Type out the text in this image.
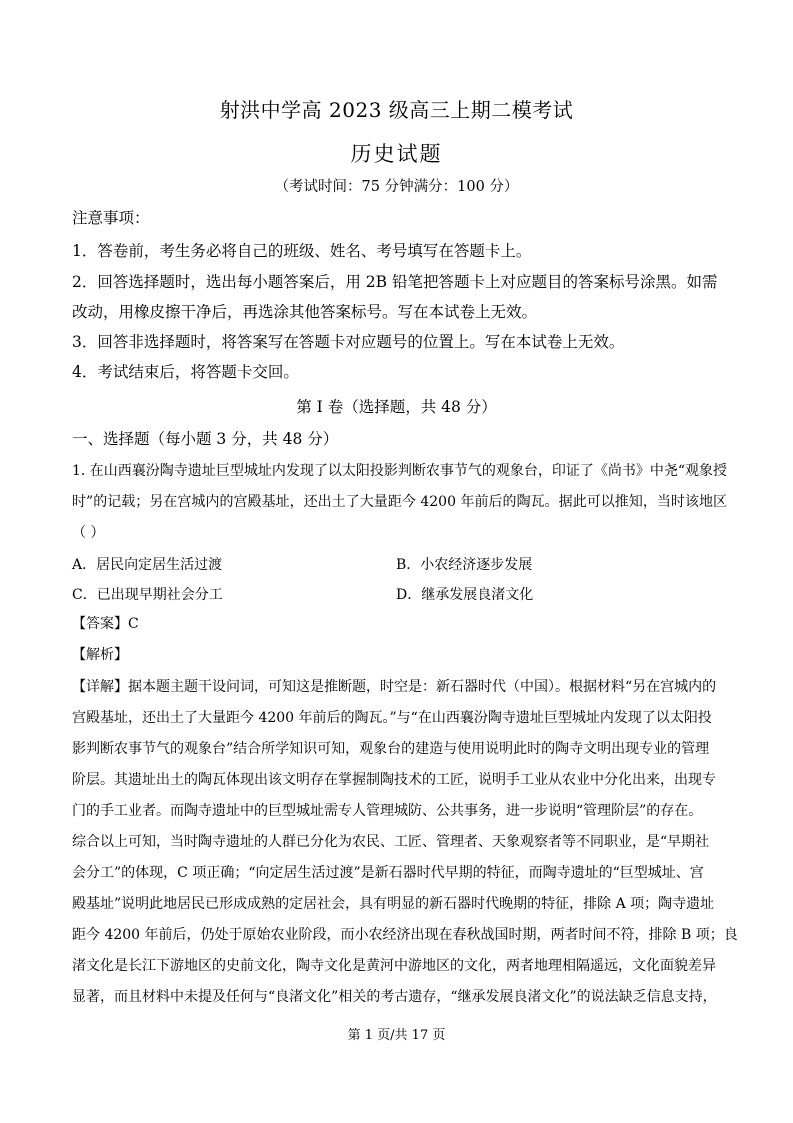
射洪中学高 2023 级高三上期二模考试
历史试题
（考试时间：75 分钟满分：100 分）
注意事项：
1．答卷前，考生务必将自己的班级、姓名、考号填写在答题卡上。
2．回答选择题时，选出每小题答案后，用 2B 铅笔把答题卡上对应题目的答案标号涂黑。如需改动，用橡皮擦干净后，再选涂其他答案标号。写在本试卷上无效。
3．回答非选择题时，将答案写在答题卡对应题号的位置上。写在本试卷上无效。
4．考试结束后，将答题卡交回。
第 I 卷（选择题，共 48 分）
一、选择题（每小题 3 分，共 48 分）
1. 在山西襄汾陶寺遗址巨型城址内发现了以太阳投影判断农事节气的观象台，印证了《尚书》中尧“观象授时”的记载；另在宫城内的宫殿基址，还出土了大量距今 4200 年前后的陶瓦。据此可以推知，当时该地区（ ）
A．居民向定居生活过渡	B．小农经济逐步发展
C．已出现早期社会分工	D．继承发展良渚文化
【答案】C
【解析】
【详解】据本题主题干设问词，可知这是推断题，时空是：新石器时代（中国）。根据材料“另在宫城内的
宫殿基址，还出土了大量距今 4200 年前后的陶瓦。”与“在山西襄汾陶寺遗址巨型城址内发现了以太阳投
影判断农事节气的观象台”结合所学知识可知，观象台的建造与使用说明此时的陶寺文明出现专业的管理
阶层。其遗址出土的陶瓦体现出该文明存在掌握制陶技术的工匠，说明手工业从农业中分化出来，出现专
门的手工业者。而陶寺遗址中的巨型城址需专人管理城防、公共事务，进一步说明“管理阶层”的存在。
综合以上可知，当时陶寺遗址的人群已分化为农民、工匠、管理者、天象观察者等不同职业，是“早期社
会分工”的体现，C 项正确；“向定居生活过渡”是新石器时代早期的特征，而陶寺遗址的“巨型城址、宫
殿基址”说明此地居民已形成成熟的定居社会，具有明显的新石器时代晚期的特征，排除 A 项；陶寺遗址
距今 4200 年前后，仍处于原始农业阶段，而小农经济出现在春秋战国时期，两者时间不符，排除 B 项；良
渚文化是长江下游地区的史前文化，陶寺文化是黄河中游地区的文化，两者地理相隔遥远，文化面貌差异
显著，而且材料中未提及任何与“良渚文化”相关的考古遗存，“继承发展良渚文化”的说法缺乏信息支持，
第 1 页/共 17 页
